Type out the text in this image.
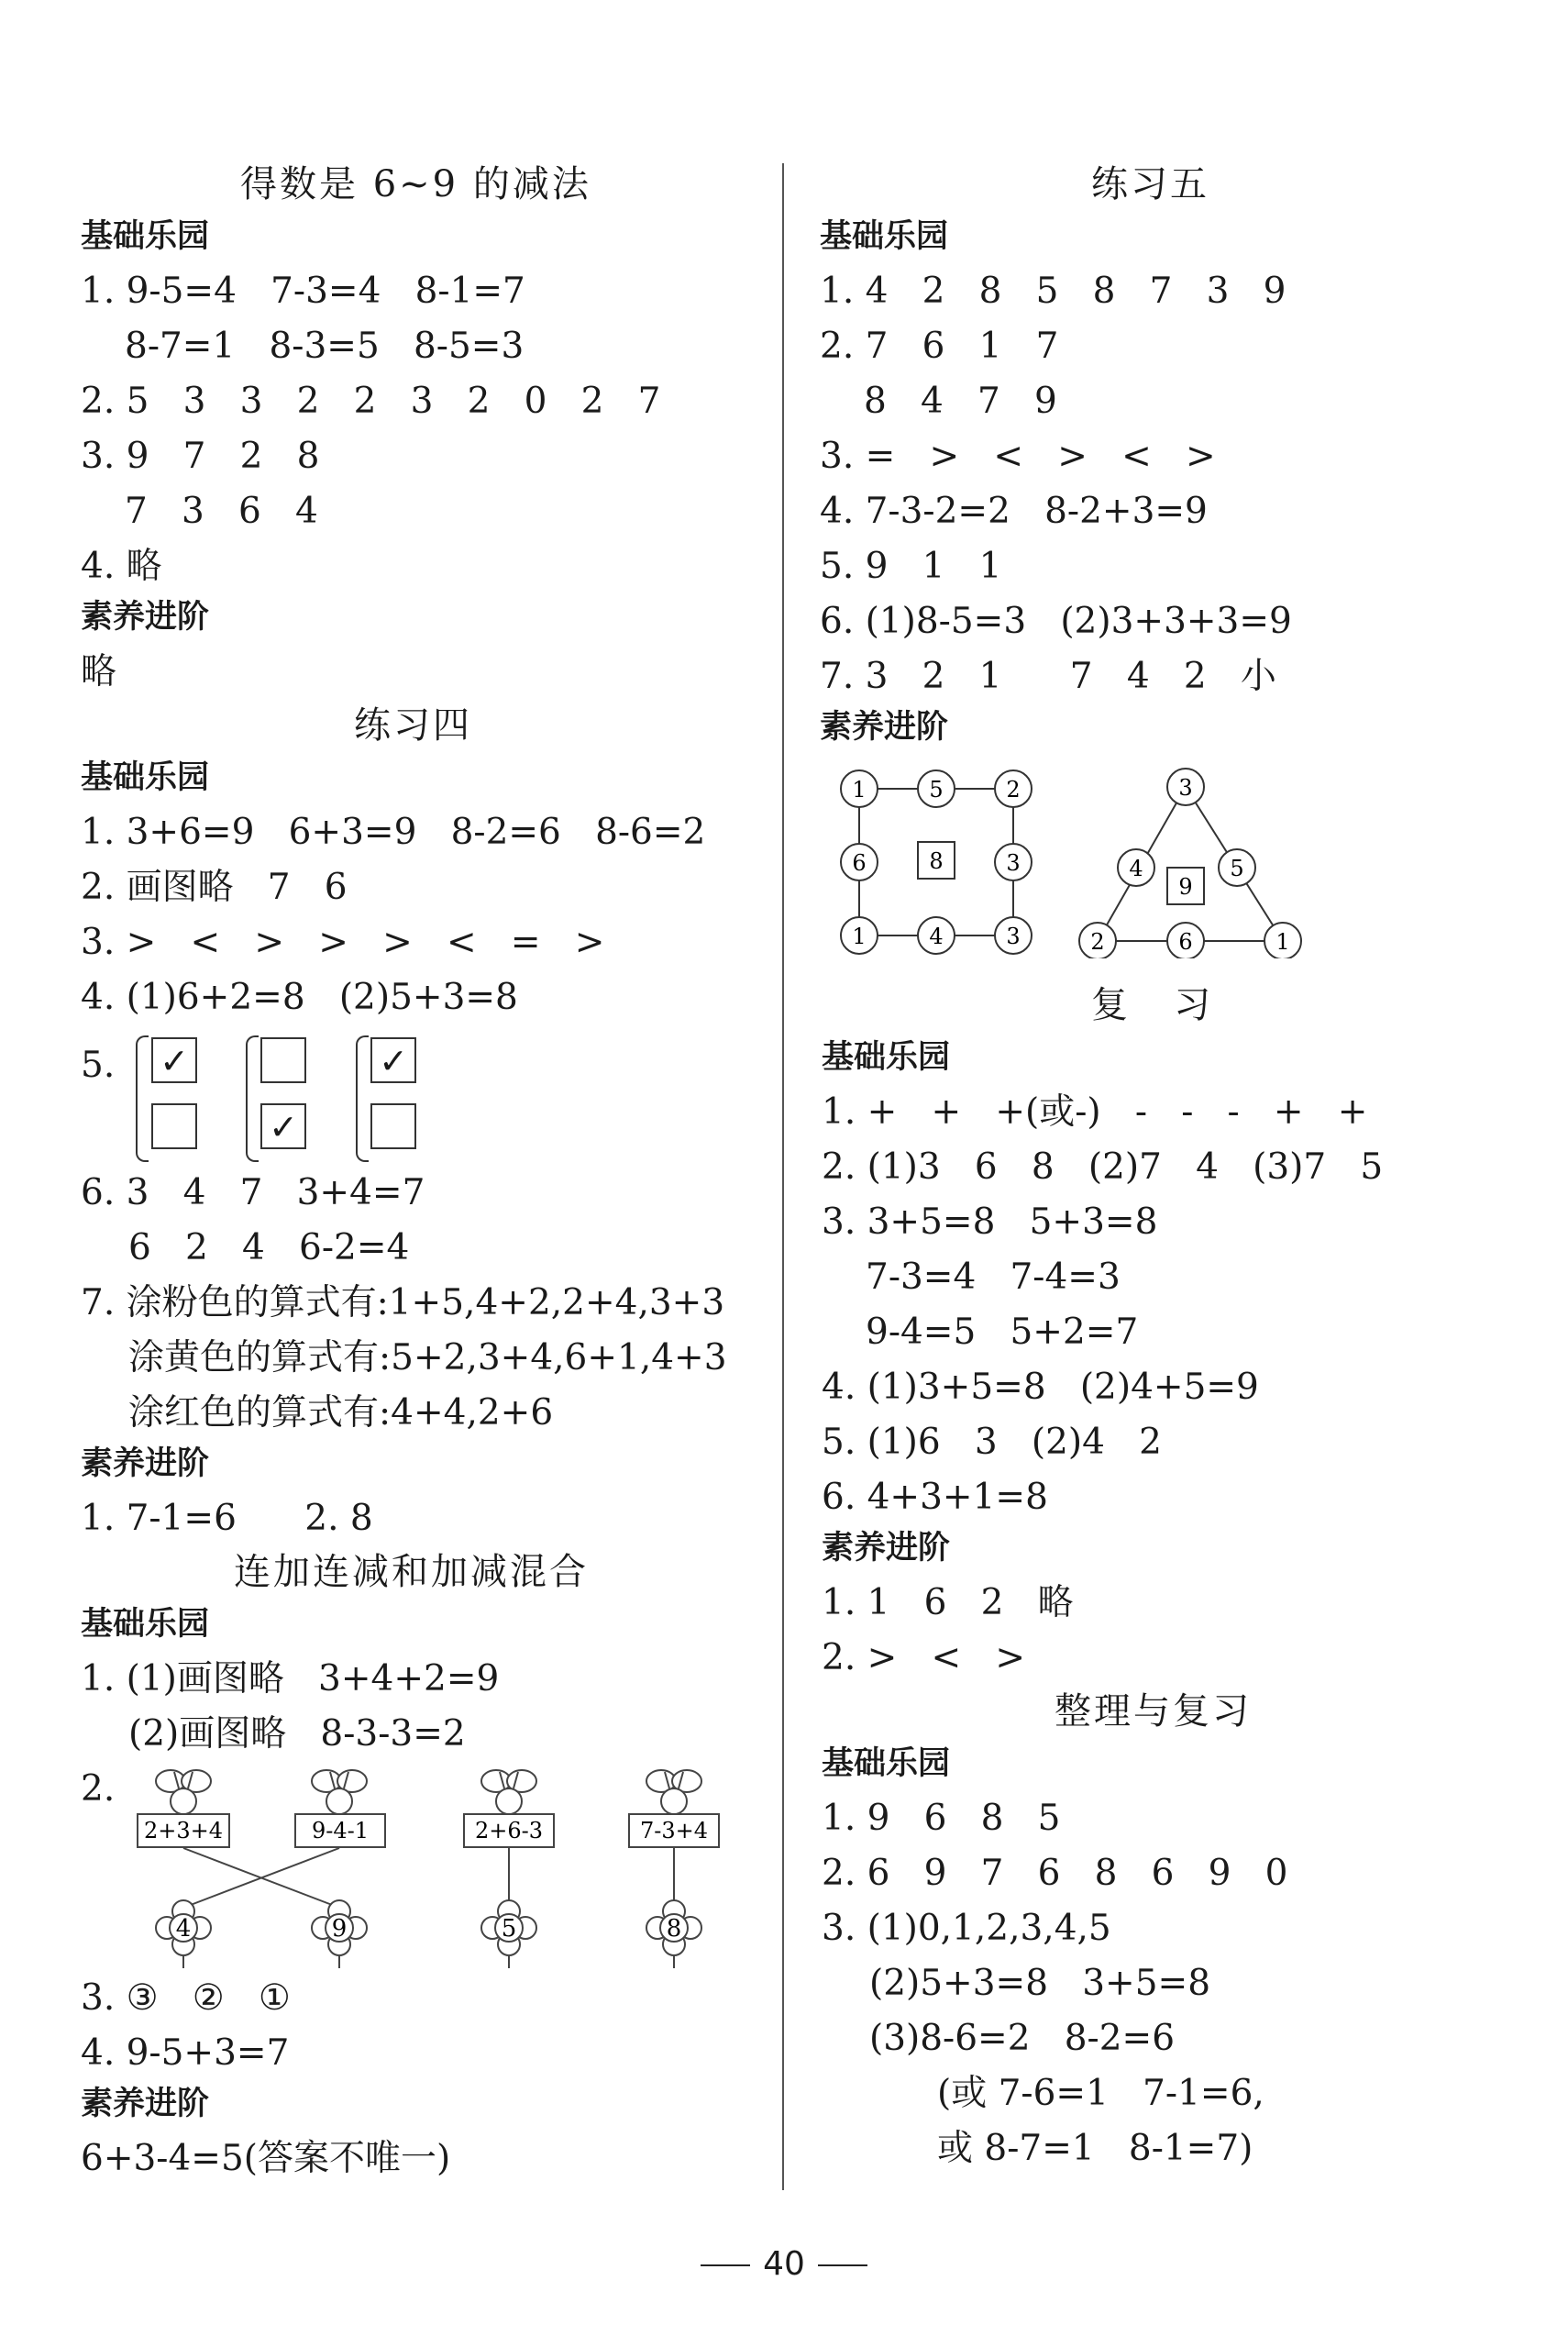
得数是 6~9 的减法
基础乐园
1. 9-5=4   7-3=4   8-1=7
8-7=1   8-3=5   8-5=3
2. 5   3   3   2   2   3   2   0   2   7
3. 9   7   2   8
7   3   6   4
4. 略
素养进阶
略
练习四
基础乐园
1. 3+6=9   6+3=9   8-2=6   8-6=2
2. 画图略   7   6
3. >   <   >   >   >   <   =   >
4. (1)6+2=8   (2)5+3=8
5. ✓
✓
✓
6. 3   4   7   3+4=7
6   2   4   6-2=4
7. 涂粉色的算式有:1+5,4+2,2+4,3+3
涂黄色的算式有:5+2,3+4,6+1,4+3
涂红色的算式有:4+4,2+6
素养进阶
1. 7-1=6      2. 8
连加连减和加减混合
基础乐园
1. (1)画图略   3+4+2=9
(2)画图略   8-3-3=2
2.
2+3+4	9-4-1	2+6-3	7-3+4
4	9	5	8
3. ③   ②   ①
4. 9-5+3=7
素养进阶
6+3-4=5(答案不唯一)
练习五
基础乐园
1. 4   2   8   5   8   7   3   9
2. 7   6   1   7
8   4   7   9
3. =   >   <   >   <   >
4. 7-3-2=2   8-2+3=9
5. 9   1   1
6. (1)8-5=3   (2)3+3+3=9
7. 3   2   1      7   4   2   小
素养进阶
1	5	2
6	3
1	4	3
8
3
4	5
2	6	1
9
复   习
基础乐园
1. +   +   +(或-)   -   -   -   +   +
2. (1)3   6   8   (2)7   4   (3)7   5
3. 3+5=8   5+3=8
7-3=4   7-4=3
9-4=5   5+2=7
4. (1)3+5=8   (2)4+5=9
5. (1)6   3   (2)4   2
6. 4+3+1=8
素养进阶
1. 1   6   2   略
2. >   <   >
整理与复习
基础乐园
1. 9   6   8   5
2. 6   9   7   6   8   6   9   0
3. (1)0,1,2,3,4,5
(2)5+3=8   3+5=8
(3)8-6=2   8-2=6
(或 7-6=1   7-1=6,
或 8-7=1   8-1=7)
40
